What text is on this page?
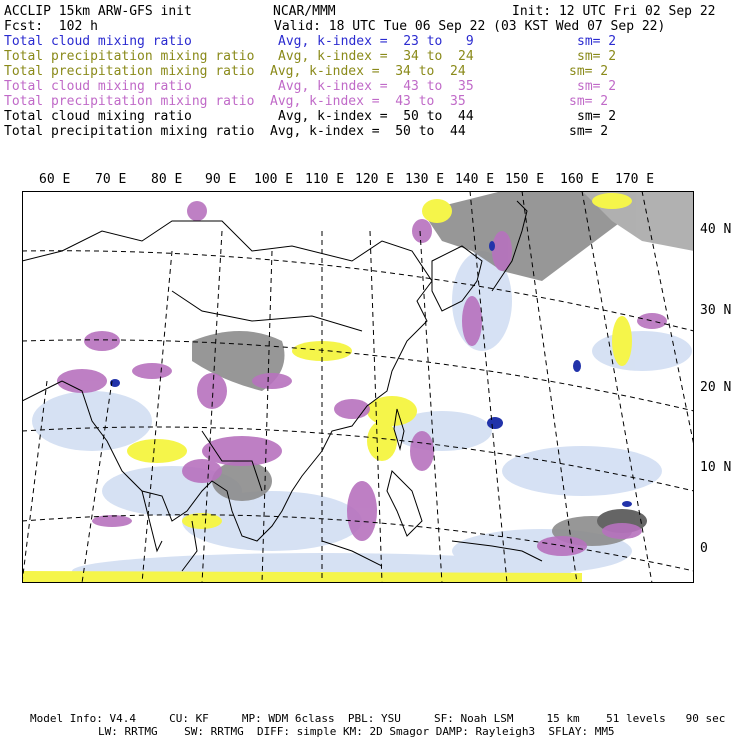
ACCLIP 15km ARW-GFS init	NCAR/MMM	Init: 12 UTC Fri 02 Sep 22
Fcst:  102 h	Valid: 18 UTC Tue 06 Sep 22 (03 KST Wed 07 Sep 22)
Total cloud mixing ratio	Avg, k-index =  23 to   9	sm= 2
Total precipitation mixing ratio Avg, k-index =  34 to  24	sm= 2
Total precipitation mixing ratio Avg, k-index =  34 to  24	sm= 2
Total cloud mixing ratio	Avg, k-index =  43 to  35	sm= 2
Total precipitation mixing ratio Avg, k-index =  43 to  35	sm= 2
Total cloud mixing ratio	Avg, k-index =  50 to  44	sm= 2
Total precipitation mixing ratio Avg, k-index =  50 to  44	sm= 2
60 E 70 E 80 E 90 E 100 E 110 E 120 E 130 E 140 E 150 E 160 E 170 E
40 N
30 N
20 N
10 N
0
Model Info: V4.4     CU: KF     MP: WDM 6class  PBL: YSU     SF: Noah LSM     15 km    51 levels   90 sec
LW: RRTMG    SW: RRTMG  DIFF: simple KM: 2D Smagor DAMP: Rayleigh3  SFLAY: MM5
